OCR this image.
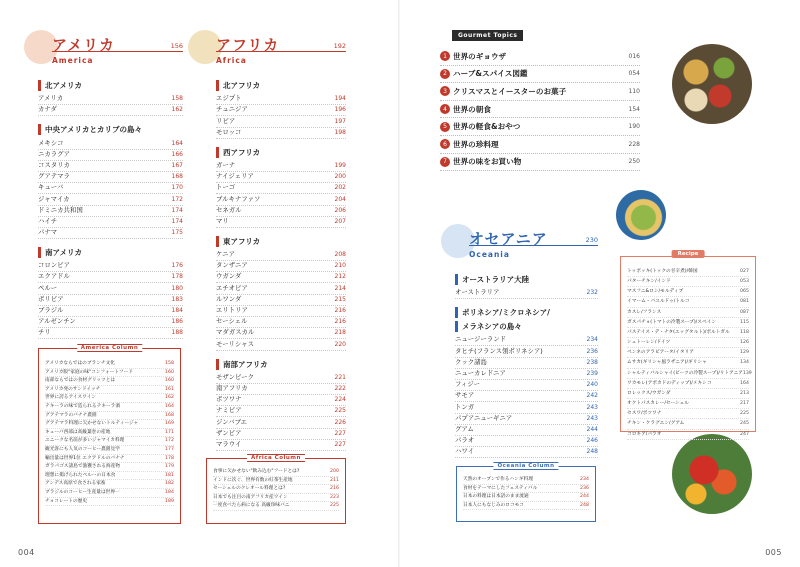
アメリカ	156
America
北アメリカ
アメリカ	158
カナダ	162
中央アメリカとカリブの島々
メキシコ	164
ニカラグア	166
コスタリカ	167
グアテマラ	168
キューバ	170
ジャマイカ	172
ドミニカ共和国	174
ハイチ	174
パナマ	175
南アメリカ
コロンビア	176
エクアドル	178
ペルー	180
ボリビア	183
ブラジル	184
アルゼンチン	186
チリ	188
America Column
アメリカならではのブランチ文化	158
アメリカ版"家庭の味"コンフォートフード	160
南部ならではの食材グリッツとは	160
アメリカ発のサンドイッチ	161
世界に誇るアイスワイン	162
テキーラの味で造られるテキーラ酒	164
グアテマラのバナナ農園	168
グアテマラ料理に欠かせないトルティージャ	169
キューバ西部は高級葉巻の産地	171
ユニークな名前が多いジャマイカ料理	172
観光客にも人気のコーヒー農園見学	177
輸出量は世界1位 エクアドルのバナナ	178
ガラパゴス諸島で漁獲される海産物	179
理想に掲げられたペルーの日本食	181
アンデス高原で食される家畜	182
ブラジルのコーヒー生産量は世界一	184
チョコレートの歴史	189
アフリカ	192
Africa
北アフリカ
エジプト	194
チュニジア	196
リビア	197
モロッコ	198
西アフリカ
ガーナ	199
ナイジェリア	200
トーゴ	202
ブルキナファソ	204
セネガル	206
マリ	207
東アフリカ
ケニア	208
タンザニア	210
ウガンダ	212
エチオピア	214
ルワンダ	215
エリトリア	216
セーシェル	216
マダガスカル	218
モーリシャス	220
南部アフリカ
モザンビーク	221
南アフリカ	222
ボツワナ	224
ナミビア	225
ジンバブエ	226
ザンビア	227
マラウイ	227
Africa Column
食事に欠かせない"飲み込む"フードとは?	200
インドに次ぐ、世界有数の紅茶生産地	211
セーシェルのクレオール料理とは?	216
日本でも注目の南アフリカ産ワイン	223
一度食べたら病になる 高級珍味バニ	225
004
Gourmet Topics
1 世界のギョウザ	016
2 ハーブ&スパイス図鑑	054
3 クリスマスとイースターのお菓子	110
4 世界の朝食	154
5 世界の軽食&おやつ	190
6 世界の珍料理	228
7 世界の味をお買い物	250
オセアニア	230
Oceania
オーストラリア大陸
オーストラリア	232
ポリネシア/ミクロネシア/
メラネシアの島々
ニュージーランド	234
タヒチ(フランス領ポリネシア)	236
クック諸島	238
ニューカレドニア	239
フィジー	240
サモア	242
トンガ	243
パプアニューギニア	243
グアム	244
パラオ	246
ハワイ	248
Oceania Column
天然のオーブンで作るハンギ料理	234
食材をテーマにしたフェスティバル	236
日本の料理は日本語のまま流通	244
日本人にもなじみのロコモコ	248
Recipe
トッポッキ(トックの甘辛煮)/韓国	027
パターチキン/インド	053
マスフニ&ロシ/モルディブ	065
イマーム・バユルドゥ/トルコ	081
カスレ/フランス	087
ガスパチョ(トマトの冷製スープ)/スペイン	115
パステイス・デ・ナタ(エッグタルト)/ポルトガル 118
シュトーレン/ドイツ	126
ペンネのアラビアータ/イタリア	129
ムサカ(ギリシャ風ラザニア)/ギリシャ	134
シャルティバルシャイ(ビーツの冷製スープ)/リトアニア 139
ワカモレ(アボカドのディップ)/メキシコ	164
ロレックス/ウガンダ	213
オクトパスカレー/セーシェル	217
セスワ/ボツワナ	225
チキン・ケラグエン/グアム	245
コロキア/パラオ	247
005
